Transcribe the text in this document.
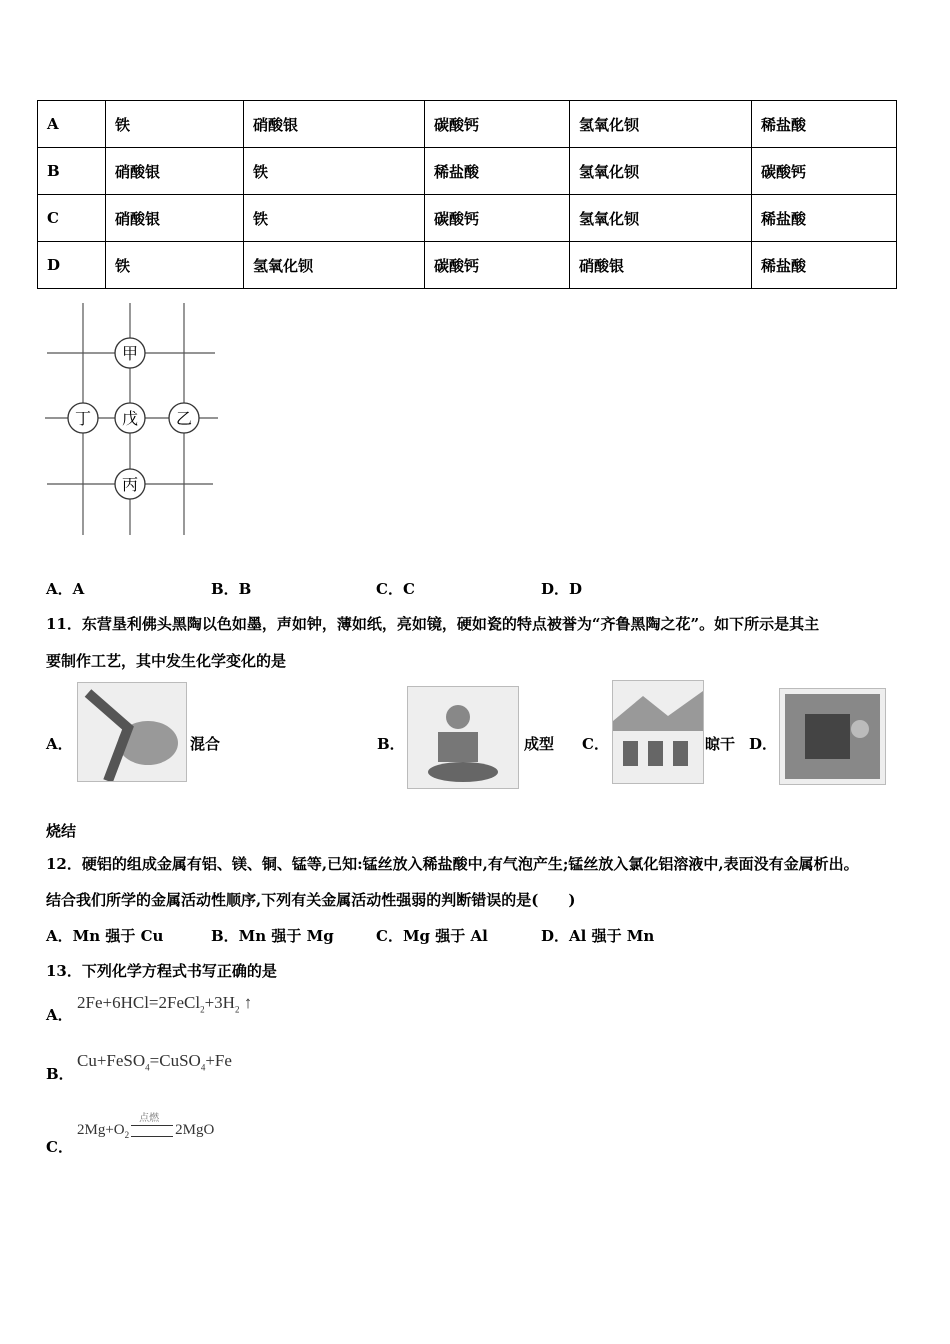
A	铁	硝酸银	碳酸钙	氢氧化钡	稀盐酸
B	硝酸银	铁	稀盐酸	氢氧化钡	碳酸钙
C	硝酸银	铁	碳酸钙	氢氧化钡	稀盐酸
D	铁	氢氧化钡	碳酸钙	硝酸银	稀盐酸
甲
丁 戊 乙
丙
A．A	B．B	C．C	D．D
11．东营垦利佛头黑陶以色如墨，声如钟，薄如纸，亮如镜，硬如瓷的特点被誉为“齐鲁黑陶之花”。如下所示是其主
要制作工艺，其中发生化学变化的是
A．	混合	B．	成型 C．	晾干 D．
烧结
12．硬铝的组成金属有铝、镁、铜、锰等,已知:锰丝放入稀盐酸中,有气泡产生;锰丝放入氯化铝溶液中,表面没有金属析出。
结合我们所学的金属活动性顺序,下列有关金属活动性强弱的判断错误的是(　　)
A．Mn 强于 Cu	B．Mn 强于 Mg	C．Mg 强于 Al	D．Al 强于 Mn
13．下列化学方程式书写正确的是
A．
$2Fe+6HCl=2FeCl_2+3H_2$ ↑
B．
Cu+FeSO$_4$=CuSO$_4$+Fe
C．
$2Mg+O_2$
点燃
2MgO
